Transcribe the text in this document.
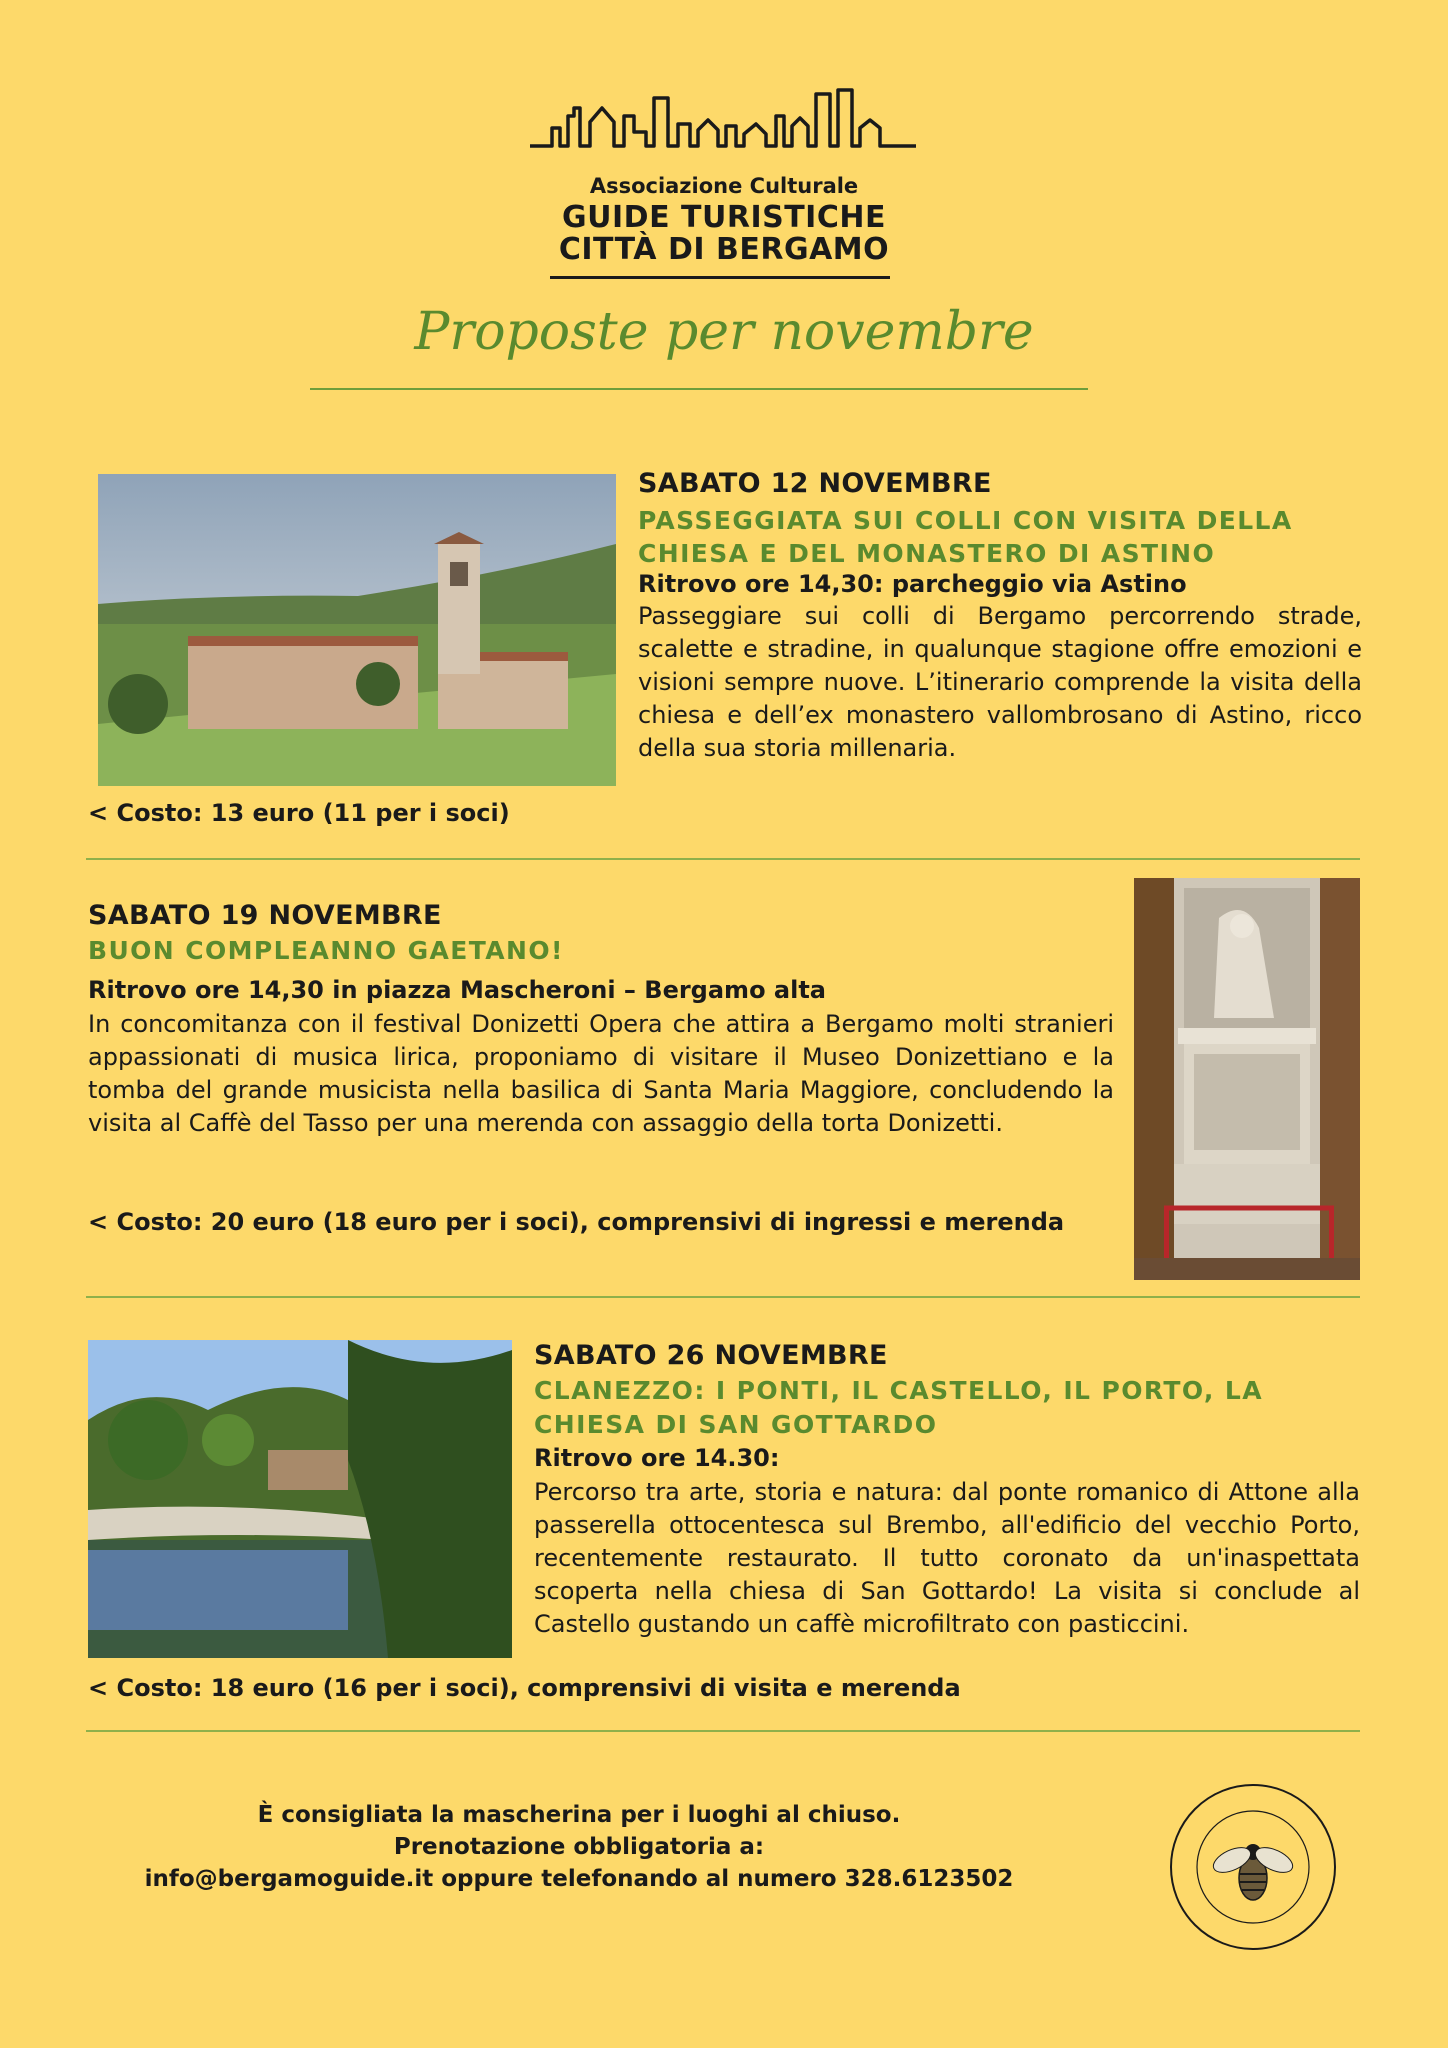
Associazione Culturale
GUIDE TURISTICHE
CITTÀ DI BERGAMO
Proposte per novembre
SABATO 12 NOVEMBRE
PASSEGGIATA SUI COLLI CON VISITA DELLA
CHIESA E DEL MONASTERO DI ASTINO
Ritrovo ore 14,30: parcheggio via Astino
Passeggiare sui colli di Bergamo percorrendo strade, scalette e stradine, in qualunque stagione offre emozioni e visioni sempre nuove. L’itinerario comprende la visita della chiesa e dell’ex monastero vallombrosano di Astino, ricco della sua storia millenaria.
< Costo: 13 euro (11 per i soci)
SABATO 19 NOVEMBRE
BUON COMPLEANNO GAETANO!
Ritrovo ore 14,30 in piazza Mascheroni – Bergamo alta
In concomitanza con il festival Donizetti Opera che attira a Bergamo molti stranieri appassionati di musica lirica, proponiamo di visitare il Museo Donizettiano e la tomba del grande musicista nella basilica di Santa Maria Maggiore, concludendo la visita al Caffè del Tasso per una merenda con assaggio della torta Donizetti.
< Costo: 20 euro (18 euro per i soci), comprensivi di ingressi e merenda
SABATO 26 NOVEMBRE
CLANEZZO: I PONTI, IL CASTELLO, IL PORTO, LA
CHIESA DI SAN GOTTARDO
Ritrovo ore 14.30:
Percorso tra arte, storia e natura: dal ponte romanico di Attone alla passerella ottocentesca sul Brembo, all'edificio del vecchio Porto, recentemente restaurato. Il tutto coronato da un'inaspettata scoperta nella chiesa di San Gottardo! La visita si conclude al Castello gustando un caffè microfiltrato con pasticcini.
< Costo: 18 euro (16 per i soci), comprensivi di visita e merenda
È consigliata la mascherina per i luoghi al chiuso.
Prenotazione obbligatoria a:
info@bergamoguide.it oppure telefonando al numero 328.6123502
